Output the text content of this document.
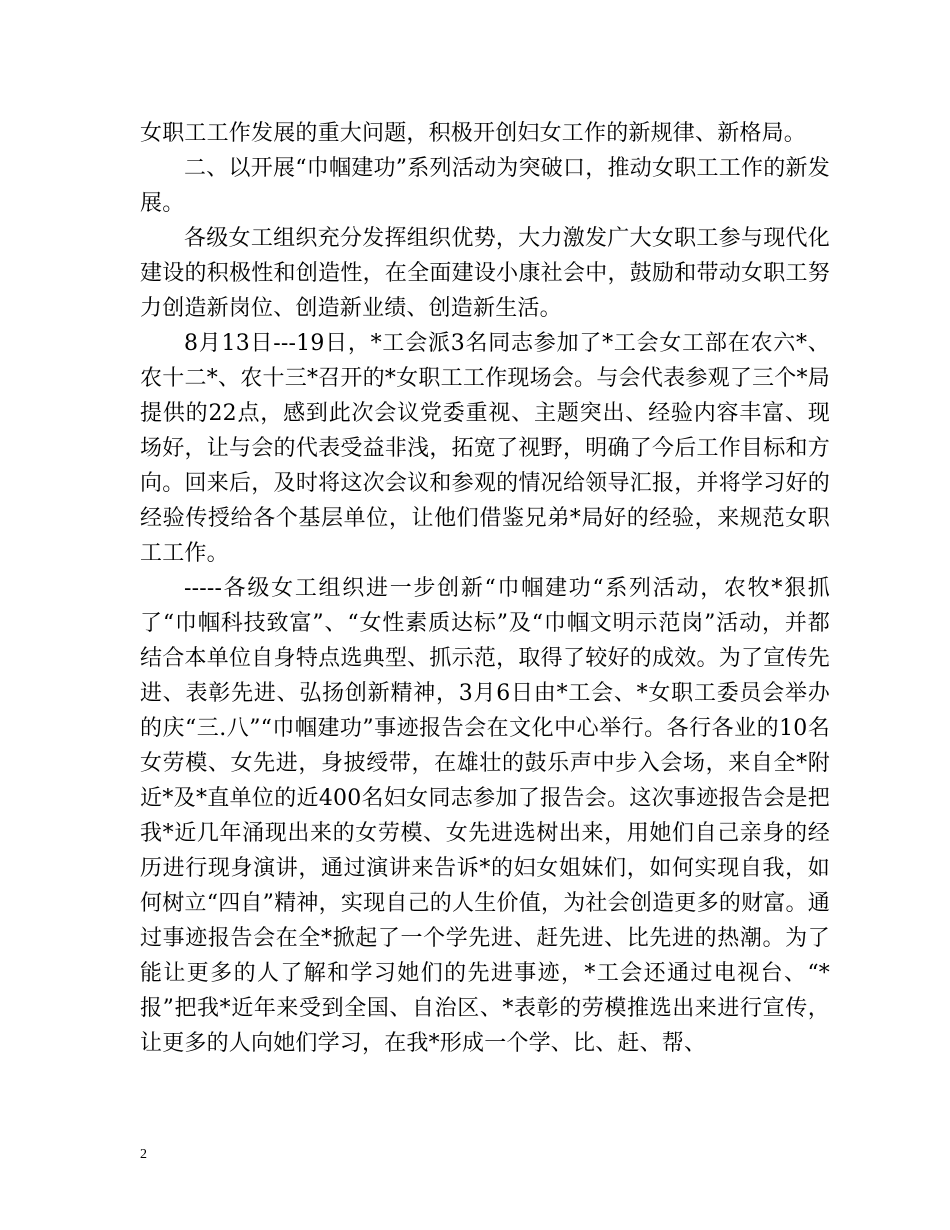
女职工工作发展的重大问题，积极开创妇女工作的新规律、新格局。

二、以开展“巾帼建功”系列活动为突破口，推动女职工工作的新发展。

各级女工组织充分发挥组织优势，大力激发广大女职工参与现代化建设的积极性和创造性，在全面建设小康社会中，鼓励和带动女职工努力创造新岗位、创造新业绩、创造新生活。

8月13日---19日，*工会派3名同志参加了*工会女工部在农六*、农十二*、农十三*召开的*女职工工作现场会。与会代表参观了三个*局提供的22点，感到此次会议党委重视、主题突出、经验内容丰富、现场好，让与会的代表受益非浅，拓宽了视野，明确了今后工作目标和方向。回来后，及时将这次会议和参观的情况给领导汇报，并将学习好的经验传授给各个基层单位，让他们借鉴兄弟*局好的经验，来规范女职工工作。

-----各级女工组织进一步创新“巾帼建功“系列活动，农牧*狠抓了“巾帼科技致富”、“女性素质达标”及“巾帼文明示范岗”活动，并都结合本单位自身特点选典型、抓示范，取得了较好的成效。为了宣传先进、表彰先进、弘扬创新精神，3月6日由*工会、*女职工委员会举办的庆“三.八”“巾帼建功”事迹报告会在文化中心举行。各行各业的10名女劳模、女先进，身披绶带，在雄壮的鼓乐声中步入会场，来自全*附近*及*直单位的近400名妇女同志参加了报告会。这次事迹报告会是把我*近几年涌现出来的女劳模、女先进选树出来，用她们自己亲身的经历进行现身演讲，通过演讲来告诉*的妇女姐妹们，如何实现自我，如何树立“四自”精神，实现自己的人生价值，为社会创造更多的财富。通过事迹报告会在全*掀起了一个学先进、赶先进、比先进的热潮。为了能让更多的人了解和学习她们的先进事迹，*工会还通过电视台、“*报”把我*近年来受到全国、自治区、*表彰的劳模推选出来进行宣传，让更多的人向她们学习，在我*形成一个学、比、赶、帮、

2
